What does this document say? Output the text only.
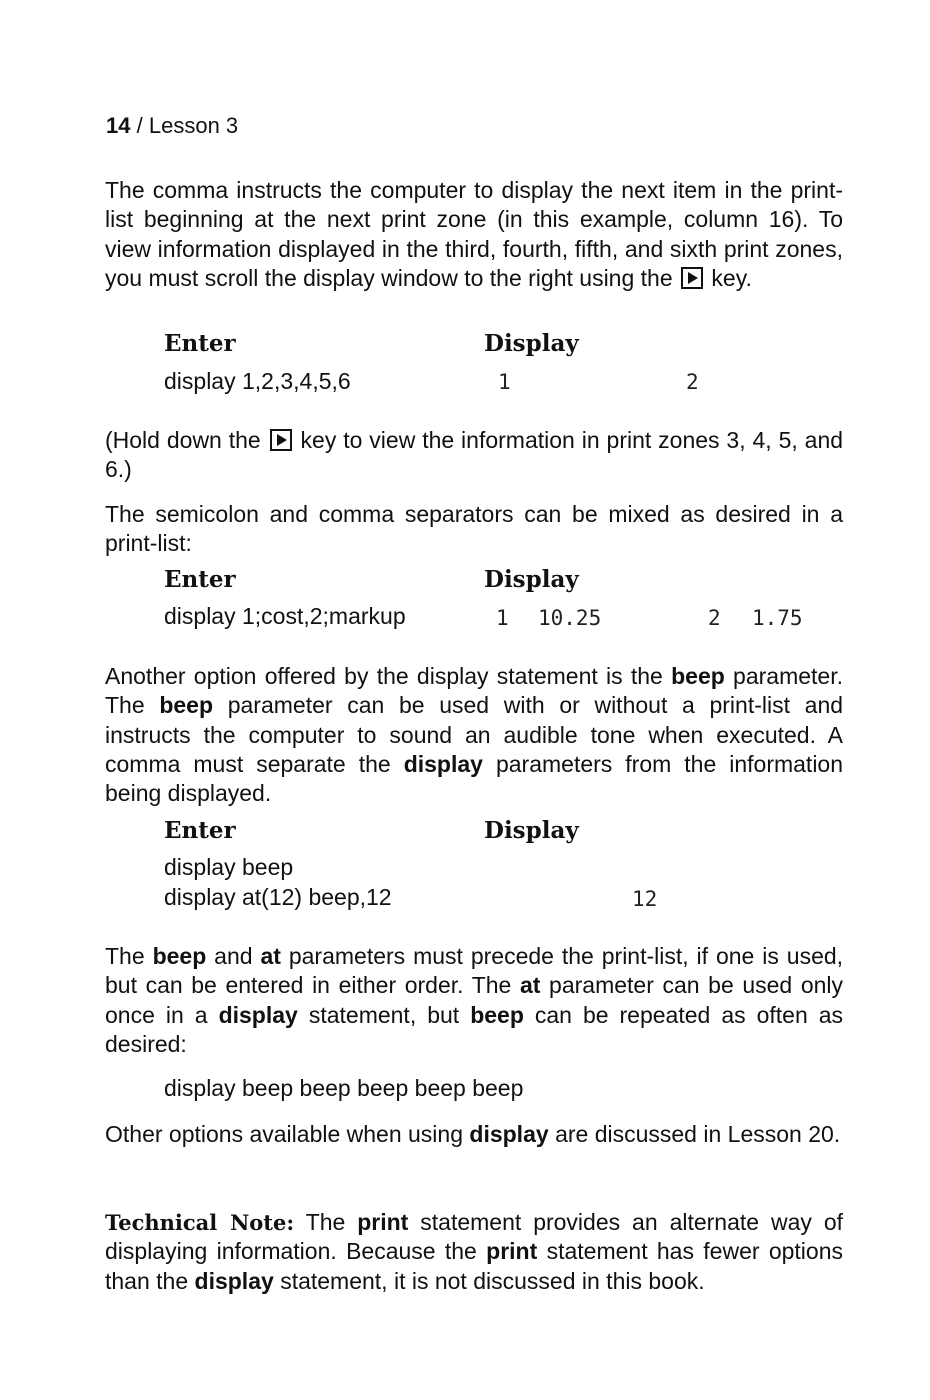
14 / Lesson 3

The comma instructs the computer to display the next item in the print-list beginning at the next print zone (in this example, column 16). To view information displayed in the third, fourth, fifth, and sixth print zones, you must scroll the display window to the right using the key.

Enter	Display
display 1,2,3,4,5,6	1	2

(Hold down the key to view the information in print zones 3, 4, 5, and 6.)

The semicolon and comma separators can be mixed as desired in a print-list:

Enter	Display
display 1;cost,2;markup	1 10.25	2 1.75

Another option offered by the display statement is the beep parameter. The beep parameter can be used with or without a print-list and instructs the computer to sound an audible tone when executed. A comma must separate the display parameters from the information being displayed.

Enter	Display
display beep
display at(12) beep,12	12

The beep and at parameters must precede the print-list, if one is used, but can be entered in either order. The at parameter can be used only once in a display statement, but beep can be repeated as often as desired:

display beep beep beep beep beep

Other options available when using display are discussed in Lesson 20.

Technical Note: The print statement provides an alternate way of displaying information. Because the print statement has fewer options than the display statement, it is not discussed in this book.
